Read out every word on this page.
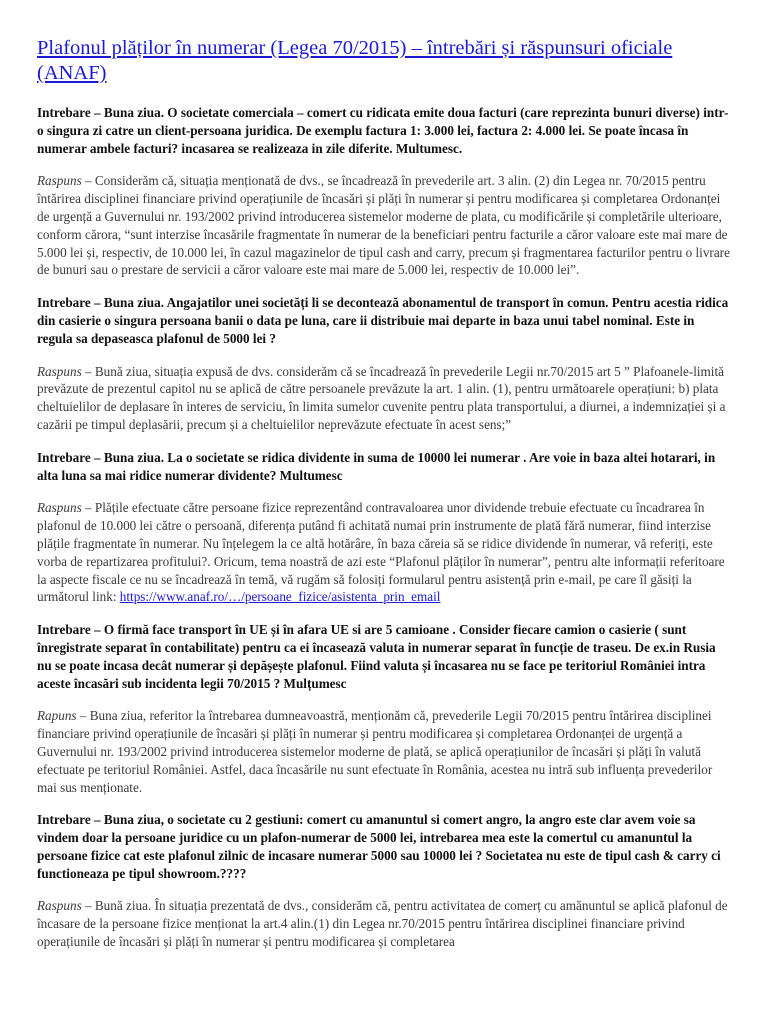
Plafonul plăților în numerar (Legea 70/2015) – întrebări și răspunsuri oficiale (ANAF)

Intrebare – Buna ziua. O societate comerciala – comert cu ridicata emite doua facturi (care reprezinta bunuri diverse) intr-o singura zi catre un client-persoana juridica. De exemplu factura 1: 3.000 lei, factura 2: 4.000 lei. Se poate încasa în numerar ambele facturi? incasarea se realizeaza in zile diferite. Multumesc.

Raspuns – Considerăm că, situația menționată de dvs., se încadrează în prevederile art. 3 alin. (2) din Legea nr. 70/2015 pentru întărirea disciplinei financiare privind operațiunile de încasări și plăți în numerar și pentru modificarea și completarea Ordonanței de urgență a Guvernului nr. 193/2002 privind introducerea sistemelor moderne de plata, cu modificările și completările ulterioare, conform cărora, “sunt interzise încasările fragmentate în numerar de la beneficiari pentru facturile a căror valoare este mai mare de 5.000 lei și, respectiv, de 10.000 lei, în cazul magazinelor de tipul cash and carry, precum și fragmentarea facturilor pentru o livrare de bunuri sau o prestare de servicii a căror valoare este mai mare de 5.000 lei, respectiv de 10.000 lei”.

Intrebare – Buna ziua. Angajatilor unei societăți li se decontează abonamentul de transport în comun. Pentru acestia ridica din casierie o singura persoana banii o data pe luna, care ii distribuie mai departe in baza unui tabel nominal. Este in regula sa depaseasca plafonul de 5000 lei ?

Raspuns – Bună ziua, situația expusă de dvs. considerăm că se încadrează în prevederile Legii nr.70/2015 art 5 ” Plafoanele-limită prevăzute de prezentul capitol nu se aplică de către persoanele prevăzute la art. 1 alin. (1), pentru următoarele operațiuni: b) plata cheltuielilor de deplasare în interes de serviciu, în limita sumelor cuvenite pentru plata transportului, a diurnei, a indemnizației și a cazării pe timpul deplasării, precum și a cheltuielilor neprevăzute efectuate în acest sens;”

Intrebare – Buna ziua. La o societate se ridica dividente in suma de 10000 lei numerar . Are voie in baza altei hotarari, in alta luna sa mai ridice numerar dividente? Multumesc

Raspuns – Plățile efectuate către persoane fizice reprezentând contravaloarea unor dividende trebuie efectuate cu încadrarea în plafonul de 10.000 lei către o persoană, diferența putând fi achitată numai prin instrumente de plată fără numerar, fiind interzise plățile fragmentate în numerar. Nu înțelegem la ce altă hotărâre, în baza căreia să se ridice dividende în numerar, vă referiți, este vorba de repartizarea profitului?. Oricum, tema noastră de azi este “Plafonul plăților în numerar”, pentru alte informații referitoare la aspecte fiscale ce nu se încadrează în temă, vă rugăm să folosiți formularul pentru asistență prin e-mail, pe care îl găsiți la următorul link: https://www.anaf.ro/…/persoane_fizice/asistenta_prin_email

Intrebare – O firmă face transport în UE și în afara UE si are 5 camioane . Consider fiecare camion o casierie ( sunt înregistrate separat în contabilitate) pentru ca ei încasează valuta in numerar separat în funcție de traseu. De ex.in Rusia nu se poate incasa decât numerar și depășește plafonul. Fiind valuta și încasarea nu se face pe teritoriul României intra aceste încasări sub incidenta legii 70/2015 ? Mulțumesc

Rapuns – Buna ziua, referitor la întrebarea dumneavoastră, menționăm că, prevederile Legii 70/2015 pentru întărirea disciplinei financiare privind operațiunile de încasări și plăți în numerar și pentru modificarea și completarea Ordonanței de urgență a Guvernului nr. 193/2002 privind introducerea sistemelor moderne de plată, se aplică operațiunilor de încasări și plăți în valută efectuate pe teritoriul României. Astfel, daca încasările nu sunt efectuate în România, acestea nu intră sub influența prevederilor mai sus menționate.

Intrebare – Buna ziua, o societate cu 2 gestiuni: comert cu amanuntul si comert angro, la angro este clar avem voie sa vindem doar la persoane juridice cu un plafon-numerar de 5000 lei, intrebarea mea este la comertul cu amanuntul la persoane fizice cat este plafonul zilnic de incasare numerar 5000 sau 10000 lei ? Societatea nu este de tipul cash & carry ci functioneaza pe tipul showroom.????

Raspuns – Bună ziua. În situația prezentată de dvs., considerăm că, pentru activitatea de comerț cu amănuntul se aplică plafonul de încasare de la persoane fizice menționat la art.4 alin.(1) din Legea nr.70/2015 pentru întărirea disciplinei financiare privind operațiunile de încasări și plăți în numerar și pentru modificarea și completarea
